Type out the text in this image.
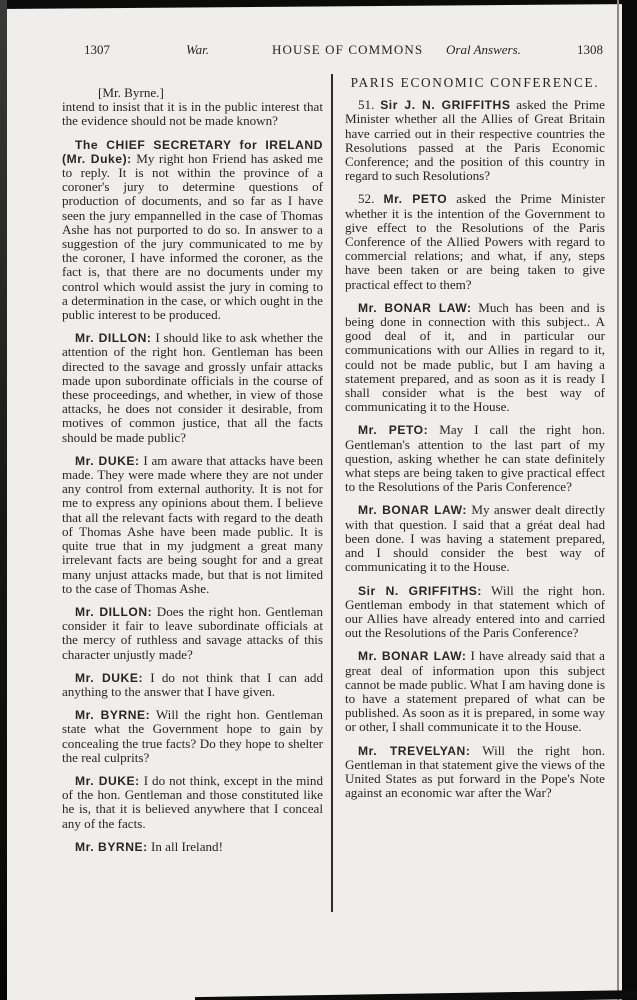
1307	War.	HOUSE OF COMMONS Oral Answers.	1308
[Mr. Byrne.]

intend to insist that it is in the public interest that the evidence should not be made known?

The CHIEF SECRETARY for IRELAND (Mr. Duke): My right hon Friend has asked me to reply. It is not within the province of a coroner's jury to determine questions of production of documents, and so far as I have seen the jury empannelled in the case of Thomas Ashe has not purported to do so. In answer to a suggestion of the jury communicated to me by the coroner, I have informed the coroner, as the fact is, that there are no documents under my control which would assist the jury in coming to a determination in the case, or which ought in the public interest to be produced.

Mr. DILLON: I should like to ask whether the attention of the right hon. Gentleman has been directed to the savage and grossly unfair attacks made upon subordinate officials in the course of these proceedings, and whether, in view of those attacks, he does not consider it desirable, from motives of common justice, that all the facts should be made public?

Mr. DUKE: I am aware that attacks have been made. They were made where they are not under any control from external authority. It is not for me to express any opinions about them. I believe that all the relevant facts with regard to the death of Thomas Ashe have been made public. It is quite true that in my judgment a great many irrelevant facts are being sought for and a great many unjust attacks made, but that is not limited to the case of Thomas Ashe.

Mr. DILLON: Does the right hon. Gentleman consider it fair to leave subordinate officials at the mercy of ruthless and savage attacks of this character unjustly made?

Mr. DUKE: I do not think that I can add anything to the answer that I have given.

Mr. BYRNE: Will the right hon. Gentleman state what the Government hope to gain by concealing the true facts? Do they hope to shelter the real culprits?

Mr. DUKE: I do not think, except in the mind of the hon. Gentleman and those constituted like he is, that it is believed anywhere that I conceal any of the facts.

Mr. BYRNE: In all Ireland!

PARIS ECONOMIC CONFERENCE.

51. Sir J. N. GRIFFITHS asked the Prime Minister whether all the Allies of Great Britain have carried out in their respective countries the Resolutions passed at the Paris Economic Conference; and the position of this country in regard to such Resolutions?

52. Mr. PETO asked the Prime Minister whether it is the intention of the Government to give effect to the Resolutions of the Paris Conference of the Allied Powers with regard to commercial relations; and what, if any, steps have been taken or are being taken to give practical effect to them?

Mr. BONAR LAW: Much has been and is being done in connection with this subject.. A good deal of it, and in particular our communications with our Allies in regard to it, could not be made public, but I am having a statement prepared, and as soon as it is ready I shall consider what is the best way of communicating it to the House.

Mr. PETO: May I call the right hon. Gentleman's attention to the last part of my question, asking whether he can state definitely what steps are being taken to give practical effect to the Resolutions of the Paris Conference?

Mr. BONAR LAW: My answer dealt directly with that question. I said that a gréat deal had been done. I was having a statement prepared, and I should consider the best way of communicating it to the House.

Sir N. GRIFFITHS: Will the right hon. Gentleman embody in that statement which of our Allies have already entered into and carried out the Resolutions of the Paris Conference?

Mr. BONAR LAW: I have already said that a great deal of information upon this subject cannot be made public. What I am having done is to have a statement prepared of what can be published. As soon as it is prepared, in some way or other, I shall communicate it to the House.

Mr. TREVELYAN: Will the right hon. Gentleman in that statement give the views of the United States as put forward in the Pope's Note against an economic war after the War?
